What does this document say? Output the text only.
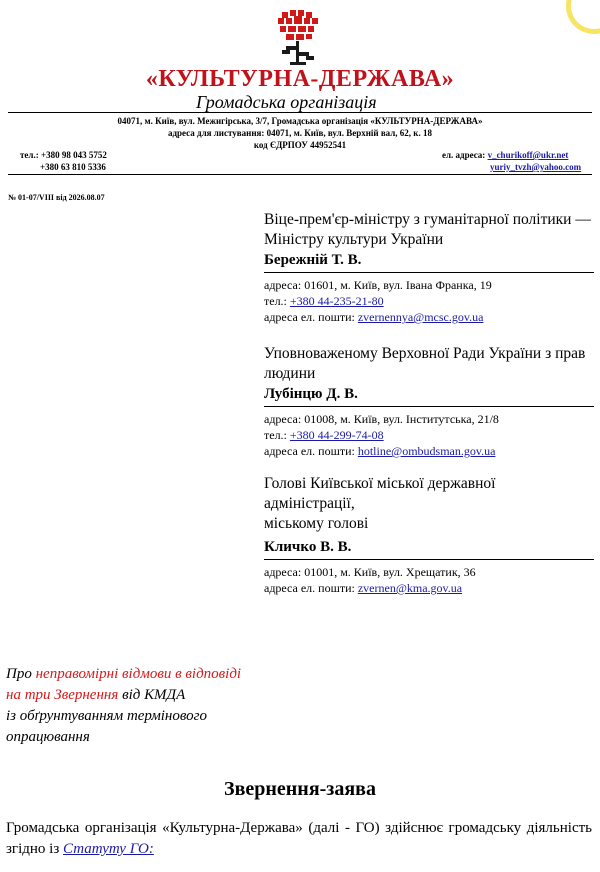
«КУЛЬТУРНА-ДЕРЖАВА»
Громадська організація
04071, м. Київ, вул. Межигірська, 3/7, Громадська організація «КУЛЬТУРНА-ДЕРЖАВА»
адреса для листування: 04071, м. Київ, вул. Верхній вал, 62, к. 18
код ЄДРПОУ 44952541
тел.: +380 98 043 5752
+380 63 810 5336
ел. адреса: v_churikoff@ukr.net
yuriy_tvzh@yahoo.com
№ 01-07/VIII від 2026.08.07
Віце-прем'єр-міністру з гуманітарної політики — Міністру культури України
Бережній Т. В.
адреса: 01601, м. Київ, вул. Івана Франка, 19
тел.: +380 44-235-21-80
адреса ел. пошти: zvernennya@mcsc.gov.ua
Уповноваженому Верховної Ради України з прав людини
Лубінцю Д. В.
адреса: 01008, м. Київ, вул. Інститутська, 21/8
тел.: +380 44-299-74-08
адреса ел. пошти: hotline@ombudsman.gov.ua
Голові Київської міської державної
адміністрації,
міському голові
Кличко В. В.
адреса: 01001, м. Київ, вул. Хрещатик, 36
адреса ел. пошти: zvernen@kma.gov.ua
Про неправомірні відмови в відповіді
на три Звернення від КМДА
із обґрунтуванням термінового
опрацювання
Звернення-заява
Громадська організація «Культурна-Держава» (далі - ГО) здійснює громадську діяльність згідно із Статуту ГО:
